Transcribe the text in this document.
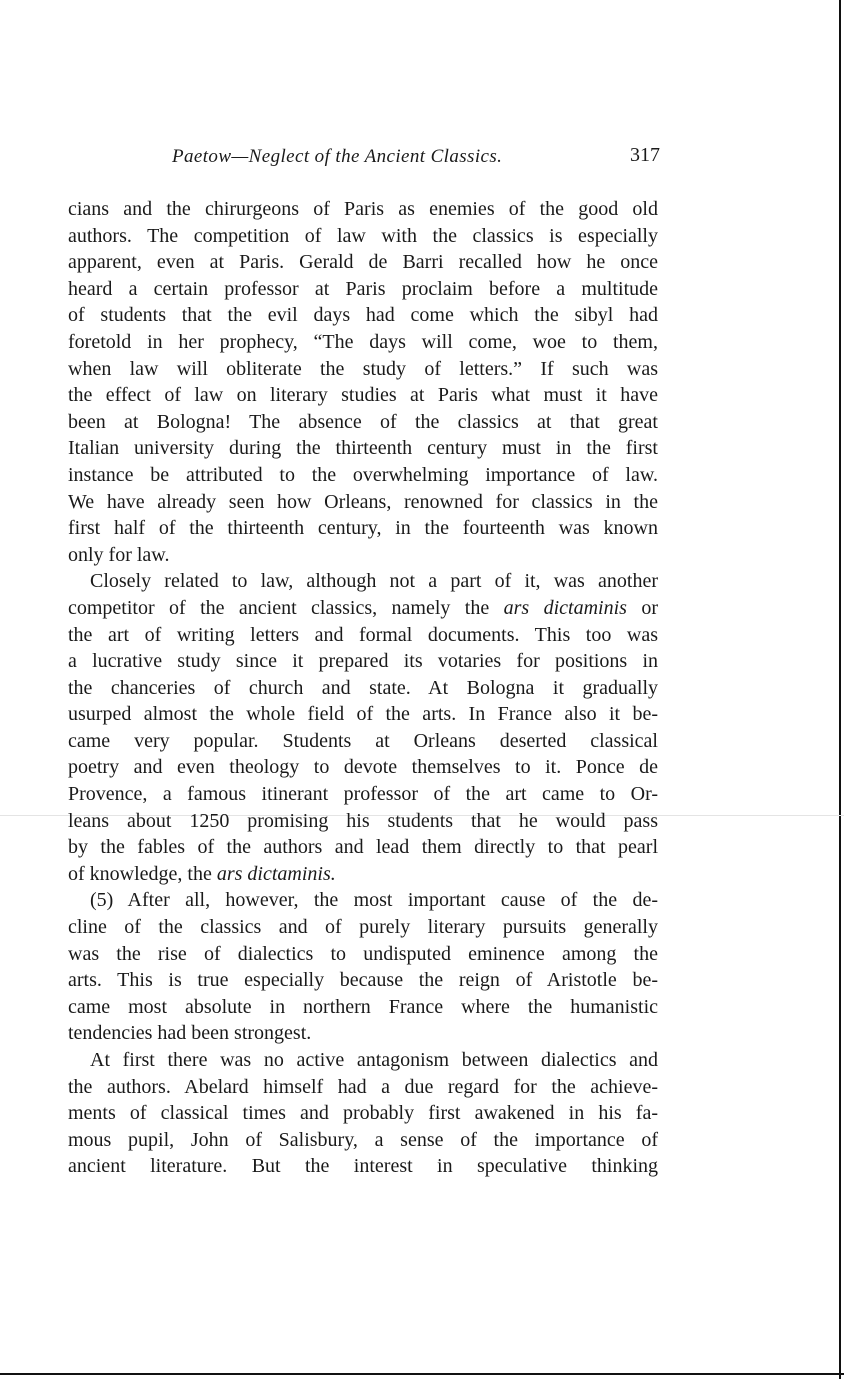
Paetow—Neglect of the Ancient Classics.	317
cians and the chirurgeons of Paris as enemies of the good old
authors. The competition of law with the classics is especially
apparent, even at Paris. Gerald de Barri recalled how he once
heard a certain professor at Paris proclaim before a multitude
of students that the evil days had come which the sibyl had
foretold in her prophecy, “The days will come, woe to them,
when law will obliterate the study of letters.” If such was
the effect of law on literary studies at Paris what must it have
been at Bologna! The absence of the classics at that great
Italian university during the thirteenth century must in the first
instance be attributed to the overwhelming importance of law.
We have already seen how Orleans, renowned for classics in the
first half of the thirteenth century, in the fourteenth was known
only for law.
Closely related to law, although not a part of it, was another
competitor of the ancient classics, namely the ars dictaminis or
the art of writing letters and formal documents. This too was
a lucrative study since it prepared its votaries for positions in
the chanceries of church and state. At Bologna it gradually
usurped almost the whole field of the arts. In France also it be-
came very popular. Students at Orleans deserted classical
poetry and even theology to devote themselves to it. Ponce de
Provence, a famous itinerant professor of the art came to Or-
leans about 1250 promising his students that he would pass
by the fables of the authors and lead them directly to that pearl
of knowledge, the ars dictaminis.
(5) After all, however, the most important cause of the de-
cline of the classics and of purely literary pursuits generally
was the rise of dialectics to undisputed eminence among the
arts. This is true especially because the reign of Aristotle be-
came most absolute in northern France where the humanistic
tendencies had been strongest.
At first there was no active antagonism between dialectics and
the authors. Abelard himself had a due regard for the achieve-
ments of classical times and probably first awakened in his fa-
mous pupil, John of Salisbury, a sense of the importance of
ancient literature. But the interest in speculative thinking
